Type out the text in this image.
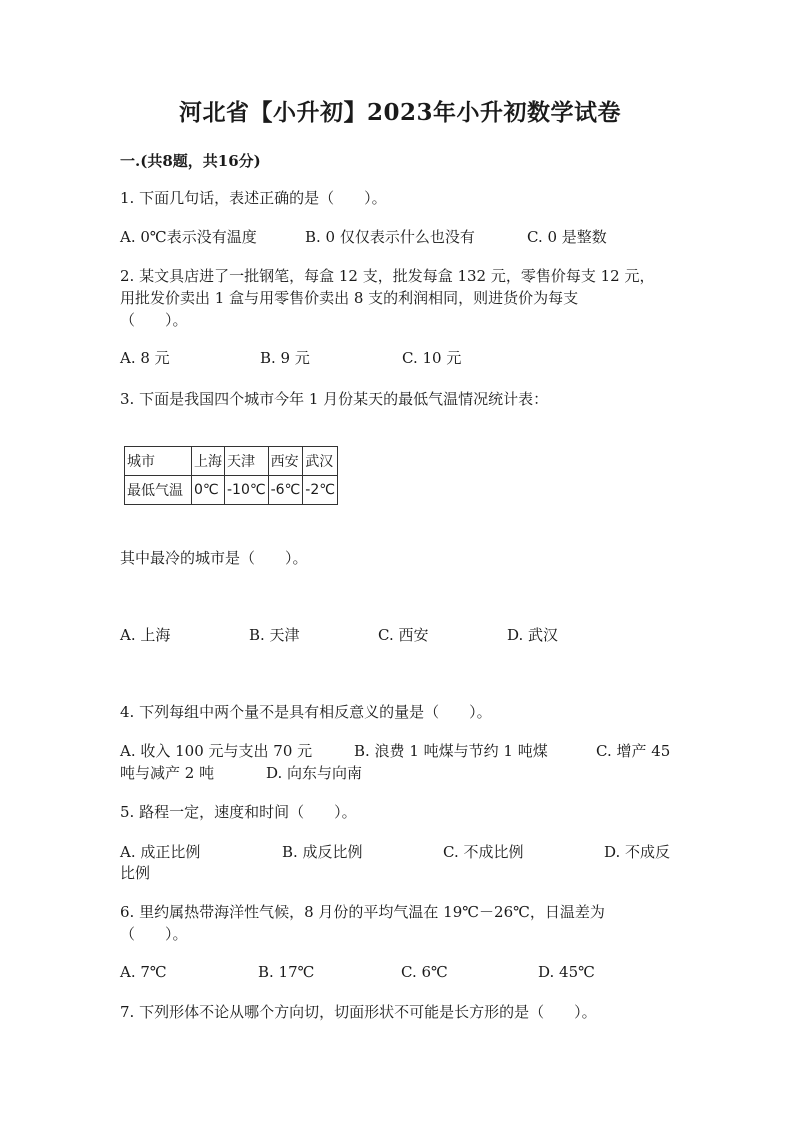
河北省【小升初】2023年小升初数学试卷
一.(共8题，共16分)
1. 下面几句话，表述正确的是（　　）。
A. 0℃表示没有温度	B. 0 仅仅表示什么也没有	C. 0 是整数
2. 某文具店进了一批钢笔，每盒 12 支，批发每盒 132 元，零售价每支 12 元，
用批发价卖出 1 盒与用零售价卖出 8 支的利润相同，则进货价为每支
（　　）。
A. 8 元	B. 9 元	C. 10 元
3. 下面是我国四个城市今年 1 月份某天的最低气温情况统计表：
城市	上海	天津	西安	武汉
最低气温	0℃	-10℃	-6℃	-2℃
其中最冷的城市是（　　）。
A. 上海	B. 天津	C. 西安	D. 武汉
4. 下列每组中两个量不是具有相反意义的量是（　　）。
A. 收入 100 元与支出 70 元	B. 浪费 1 吨煤与节约 1 吨煤	C. 增产 45
吨与减产 2 吨	D. 向东与向南
5. 路程一定，速度和时间（　　）。
A. 成正比例	B. 成反比例	C. 不成比例	D. 不成反
比例
6. 里约属热带海洋性气候，8 月份的平均气温在 19℃－26℃，日温差为
（　　）。
A. 7℃	B. 17℃	C. 6℃	D. 45℃
7. 下列形体不论从哪个方向切，切面形状不可能是长方形的是（　　）。
